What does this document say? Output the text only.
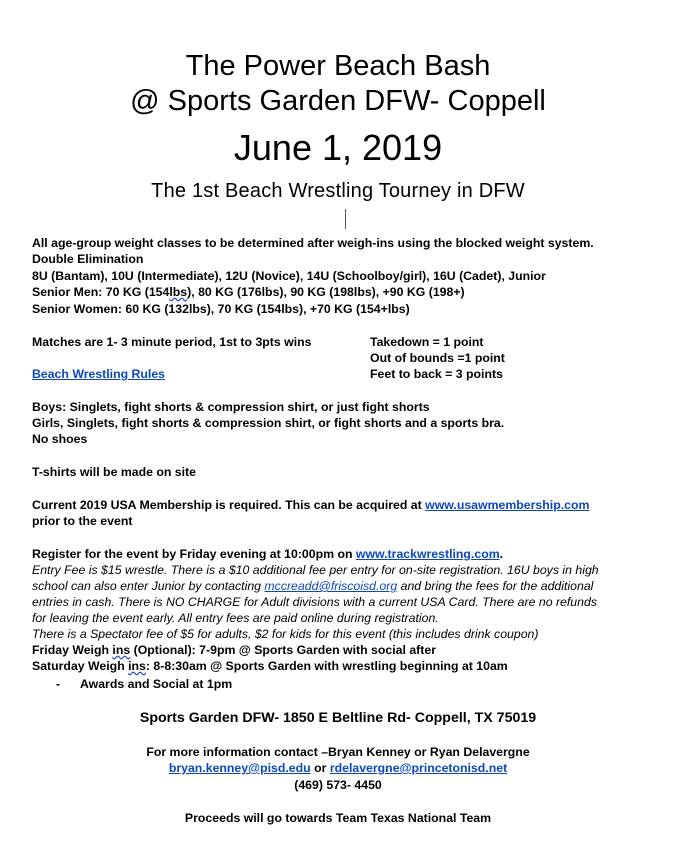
The Power Beach Bash
@ Sports Garden DFW- Coppell
June 1, 2019
The 1st Beach Wrestling Tourney in DFW
All age-group weight classes to be determined after weigh-ins using the blocked weight system.
Double Elimination
8U (Bantam), 10U (Intermediate), 12U (Novice), 14U (Schoolboy/girl), 16U (Cadet), Junior
Senior Men: 70 KG (154lbs), 80 KG (176lbs), 90 KG (198lbs), +90 KG (198+)
Senior Women: 60 KG (132lbs), 70 KG (154lbs), +70 KG (154+lbs)
Matches are 1- 3 minute period, 1st to 3pts wins	Takedown = 1 point
Out of bounds =1 point
Beach Wrestling Rules	Feet to back = 3 points
Boys: Singlets, fight shorts & compression shirt, or just fight shorts
Girls, Singlets, fight shorts & compression shirt, or fight shorts and a sports bra.
No shoes
T-shirts will be made on site
Current 2019 USA Membership is required. This can be acquired at www.usawmembership.com
prior to the event
Register for the event by Friday evening at 10:00pm on www.trackwrestling.com.
Entry Fee is $15 wrestle. There is a $10 additional fee per entry for on-site registration. 16U boys in high
school can also enter Junior by contacting mccreadd@friscoisd.org and bring the fees for the additional
entries in cash. There is NO CHARGE for Adult divisions with a current USA Card. There are no refunds
for leaving the event early. All entry fees are paid online during registration.
There is a Spectator fee of $5 for adults, $2 for kids for this event (this includes drink coupon)
Friday Weigh ins (Optional): 7-9pm @ Sports Garden with social after
Saturday Weigh ins: 8-8:30am @ Sports Garden with wrestling beginning at 10am
- Awards and Social at 1pm
Sports Garden DFW- 1850 E Beltline Rd- Coppell, TX 75019
For more information contact –Bryan Kenney or Ryan Delavergne
bryan.kenney@pisd.edu or rdelavergne@princetonisd.net
(469) 573- 4450
Proceeds will go towards Team Texas National Team
